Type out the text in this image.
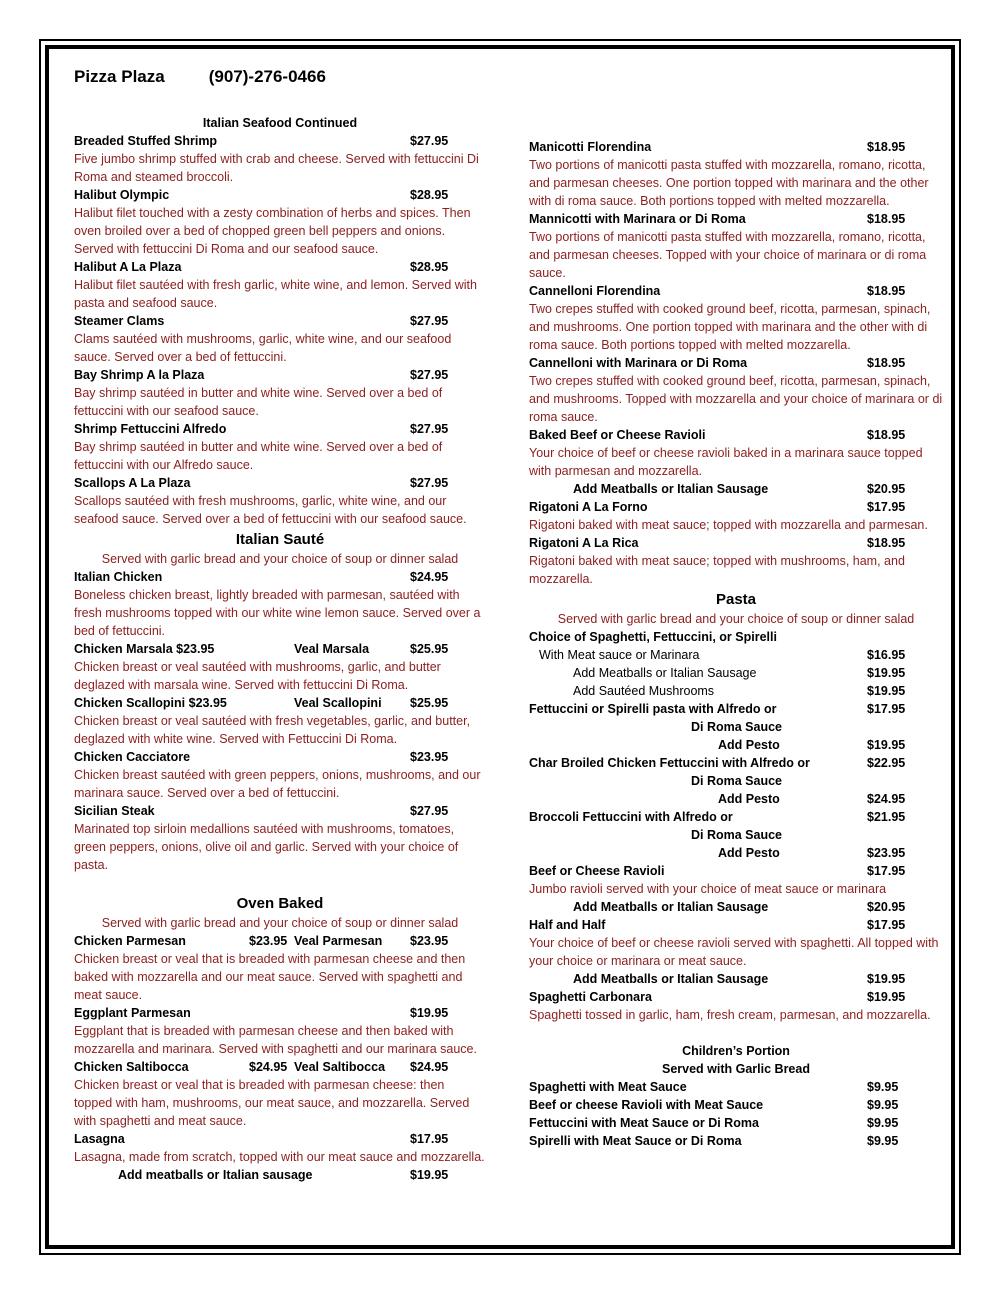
Pizza Plaza	(907)-276-0466
Italian Seafood Continued
Breaded Stuffed Shrimp	$27.95
Five jumbo shrimp stuffed with crab and cheese. Served with fettuccini Di Roma and steamed broccoli.
Halibut Olympic	$28.95
Halibut filet touched with a zesty combination of herbs and spices. Then oven broiled over a bed of chopped green bell peppers and onions. Served with fettuccini Di Roma and our seafood sauce.
Halibut A La Plaza	$28.95
Halibut filet sautéed with fresh garlic, white wine, and lemon. Served with pasta and seafood sauce.
Steamer Clams	$27.95
Clams sautéed with mushrooms, garlic, white wine, and our seafood sauce. Served over a bed of fettuccini.
Bay Shrimp A la Plaza	$27.95
Bay shrimp sautéed in butter and white wine. Served over a bed of fettuccini with our seafood sauce.
Shrimp Fettuccini Alfredo	$27.95
Bay shrimp sautéed in butter and white wine. Served over a bed of fettuccini with our Alfredo sauce.
Scallops A La Plaza	$27.95
Scallops sautéed with fresh mushrooms, garlic, white wine, and our seafood sauce. Served over a bed of fettuccini with our seafood sauce.
Italian Sauté
Served with garlic bread and your choice of soup or dinner salad
Italian Chicken	$24.95
Boneless chicken breast, lightly breaded with parmesan, sautéed with fresh mushrooms topped with our white wine lemon sauce. Served over a bed of fettuccini.
Chicken Marsala $23.95	Veal Marsala	$25.95
Chicken breast or veal sautéed with mushrooms, garlic, and butter deglazed with marsala wine. Served with fettuccini Di Roma.
Chicken Scallopini $23.95	Veal Scallopini $25.95
Chicken breast or veal sautéed with fresh vegetables, garlic, and butter, deglazed with white wine. Served with Fettuccini Di Roma.
Chicken Cacciatore	$23.95
Chicken breast sautéed with green peppers, onions, mushrooms, and our marinara sauce. Served over a bed of fettuccini.
Sicilian Steak	$27.95
Marinated top sirloin medallions sautéed with mushrooms, tomatoes, green peppers, onions, olive oil and garlic. Served with your choice of pasta.
Oven Baked
Served with garlic bread and your choice of soup or dinner salad
Chicken Parmesan	$23.95 Veal Parmesan $23.95
Chicken breast or veal that is breaded with parmesan cheese and then baked with mozzarella and our meat sauce. Served with spaghetti and meat sauce.
Eggplant Parmesan	$19.95
Eggplant that is breaded with parmesan cheese and then baked with mozzarella and marinara. Served with spaghetti and our marinara sauce.
Chicken Saltibocca	$24.95 Veal Saltibocca $24.95
Chicken breast or veal that is breaded with parmesan cheese: then topped with ham, mushrooms, our meat sauce, and mozzarella. Served with spaghetti and meat sauce.
Lasagna	$17.95
Lasagna, made from scratch, topped with our meat sauce and mozzarella.
Add meatballs or Italian sausage	$19.95
Manicotti Florendina	$18.95
Two portions of manicotti pasta stuffed with mozzarella, romano, ricotta, and parmesan cheeses. One portion topped with marinara and the other with di roma sauce. Both portions topped with melted mozzarella.
Mannicotti with Marinara or Di Roma	$18.95
Two portions of manicotti pasta stuffed with mozzarella, romano, ricotta, and parmesan cheeses. Topped with your choice of marinara or di roma sauce.
Cannelloni Florendina	$18.95
Two crepes stuffed with cooked ground beef, ricotta, parmesan, spinach, and mushrooms. One portion topped with marinara and the other with di roma sauce. Both portions topped with melted mozzarella.
Cannelloni with Marinara or Di Roma	$18.95
Two crepes stuffed with cooked ground beef, ricotta, parmesan, spinach, and mushrooms. Topped with mozzarella and your choice of marinara or di roma sauce.
Baked Beef or Cheese Ravioli	$18.95
Your choice of beef or cheese ravioli baked in a marinara sauce topped with parmesan and mozzarella.
Add Meatballs or Italian Sausage	$20.95
Rigatoni A La Forno	$17.95
Rigatoni baked with meat sauce; topped with mozzarella and parmesan.
Rigatoni A La Rica	$18.95
Rigatoni baked with meat sauce; topped with mushrooms, ham, and mozzarella.
Pasta
Served with garlic bread and your choice of soup or dinner salad
Choice of Spaghetti, Fettuccini, or Spirelli
With Meat sauce or Marinara	$16.95
Add Meatballs or Italian Sausage	$19.95
Add Sautéed Mushrooms	$19.95
Fettuccini or Spirelli pasta with Alfredo or	$17.95
Di Roma Sauce
Add Pesto	$19.95
Char Broiled Chicken Fettuccini with Alfredo or	$22.95
Di Roma Sauce
Add Pesto	$24.95
Broccoli Fettuccini with Alfredo or	$21.95
Di Roma Sauce
Add Pesto	$23.95
Beef or Cheese Ravioli	$17.95
Jumbo ravioli served with your choice of meat sauce or marinara
Add Meatballs or Italian Sausage	$20.95
Half and Half	$17.95
Your choice of beef or cheese ravioli served with spaghetti. All topped with your choice or marinara or meat sauce.
Add Meatballs or Italian Sausage	$19.95
Spaghetti Carbonara	$19.95
Spaghetti tossed in garlic, ham, fresh cream, parmesan, and mozzarella.
Children’s Portion
Served with Garlic Bread
Spaghetti with Meat Sauce	$9.95
Beef or cheese Ravioli with Meat Sauce	$9.95
Fettuccini with Meat Sauce or Di Roma	$9.95
Spirelli with Meat Sauce or Di Roma	$9.95
